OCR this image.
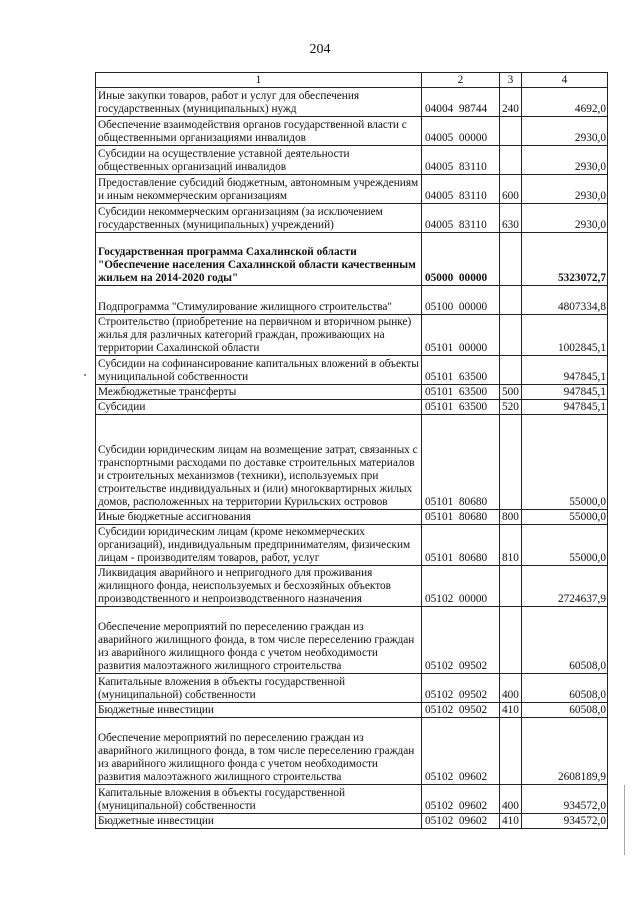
204
1	2	3	4
Иные закупки товаров, работ и услуг для обеспечения государственных (муниципальных) нужд	04004  98744	240	4692,0
Обеспечение взаимодействия органов государственной власти с общественными организациями инвалидов	04005  00000		2930,0
Субсидии на осуществление уставной деятельности общественных организаций инвалидов	04005  83110		2930,0
Предоставление субсидий бюджетным, автономным учреждениям и иным некоммерческим организациям	04005  83110	600	2930,0
Субсидии некоммерческим организациям (за исключением государственных (муниципальных) учреждений)	04005  83110	630	2930,0
Государственная программа Сахалинской области "Обеспечение населения Сахалинской области качественным жильем на 2014-2020 годы"	05000  00000		5323072,7
Подпрограмма "Стимулирование жилищного строительства"	05100  00000		4807334,8
Строительство (приобретение на первичном и вторичном рынке) жилья для различных категорий граждан, проживающих на территории Сахалинской области	05101  00000		1002845,1
Субсидии на софинансирование капитальных вложений в объекты муниципальной собственности	05101  63500		947845,1
Межбюджетные трансферты	05101  63500	500	947845,1
Субсидии	05101  63500	520	947845,1
Субсидии юридическим лицам на возмещение затрат, связанных с транспортными расходами по доставке строительных материалов и строительных механизмов (техники), используемых при строительстве индивидуальных и (или) многоквартирных жилых домов, расположенных на территории Курильских островов	05101  80680		55000,0
Иные бюджетные ассигнования	05101  80680	800	55000,0
Субсидии юридическим лицам (кроме некоммерческих организаций), индивидуальным предпринимателям, физическим лицам - производителям товаров, работ, услуг	05101  80680	810	55000,0
Ликвидация аварийного и непригодного для проживания жилищного фонда, неиспользуемых и бесхозяйных объектов производственного и непроизводственного назначения	05102  00000		2724637,9
Обеспечение мероприятий по переселению граждан из аварийного жилищного фонда, в том числе переселению граждан из аварийного жилищного фонда с учетом необходимости развития малоэтажного жилищного строительства	05102  09502		60508,0
Капитальные вложения в объекты государственной (муниципальной) собственности	05102  09502	400	60508,0
Бюджетные инвестиции	05102  09502	410	60508,0
Обеспечение мероприятий по переселению граждан из аварийного жилищного фонда, в том числе переселению граждан из аварийного жилищного фонда с учетом необходимости развития малоэтажного жилищного строительства	05102  09602		2608189,9
Капитальные вложения в объекты государственной (муниципальной) собственности	05102  09602	400	934572,0
Бюджетные инвестиции	05102  09602	410	934572,0
